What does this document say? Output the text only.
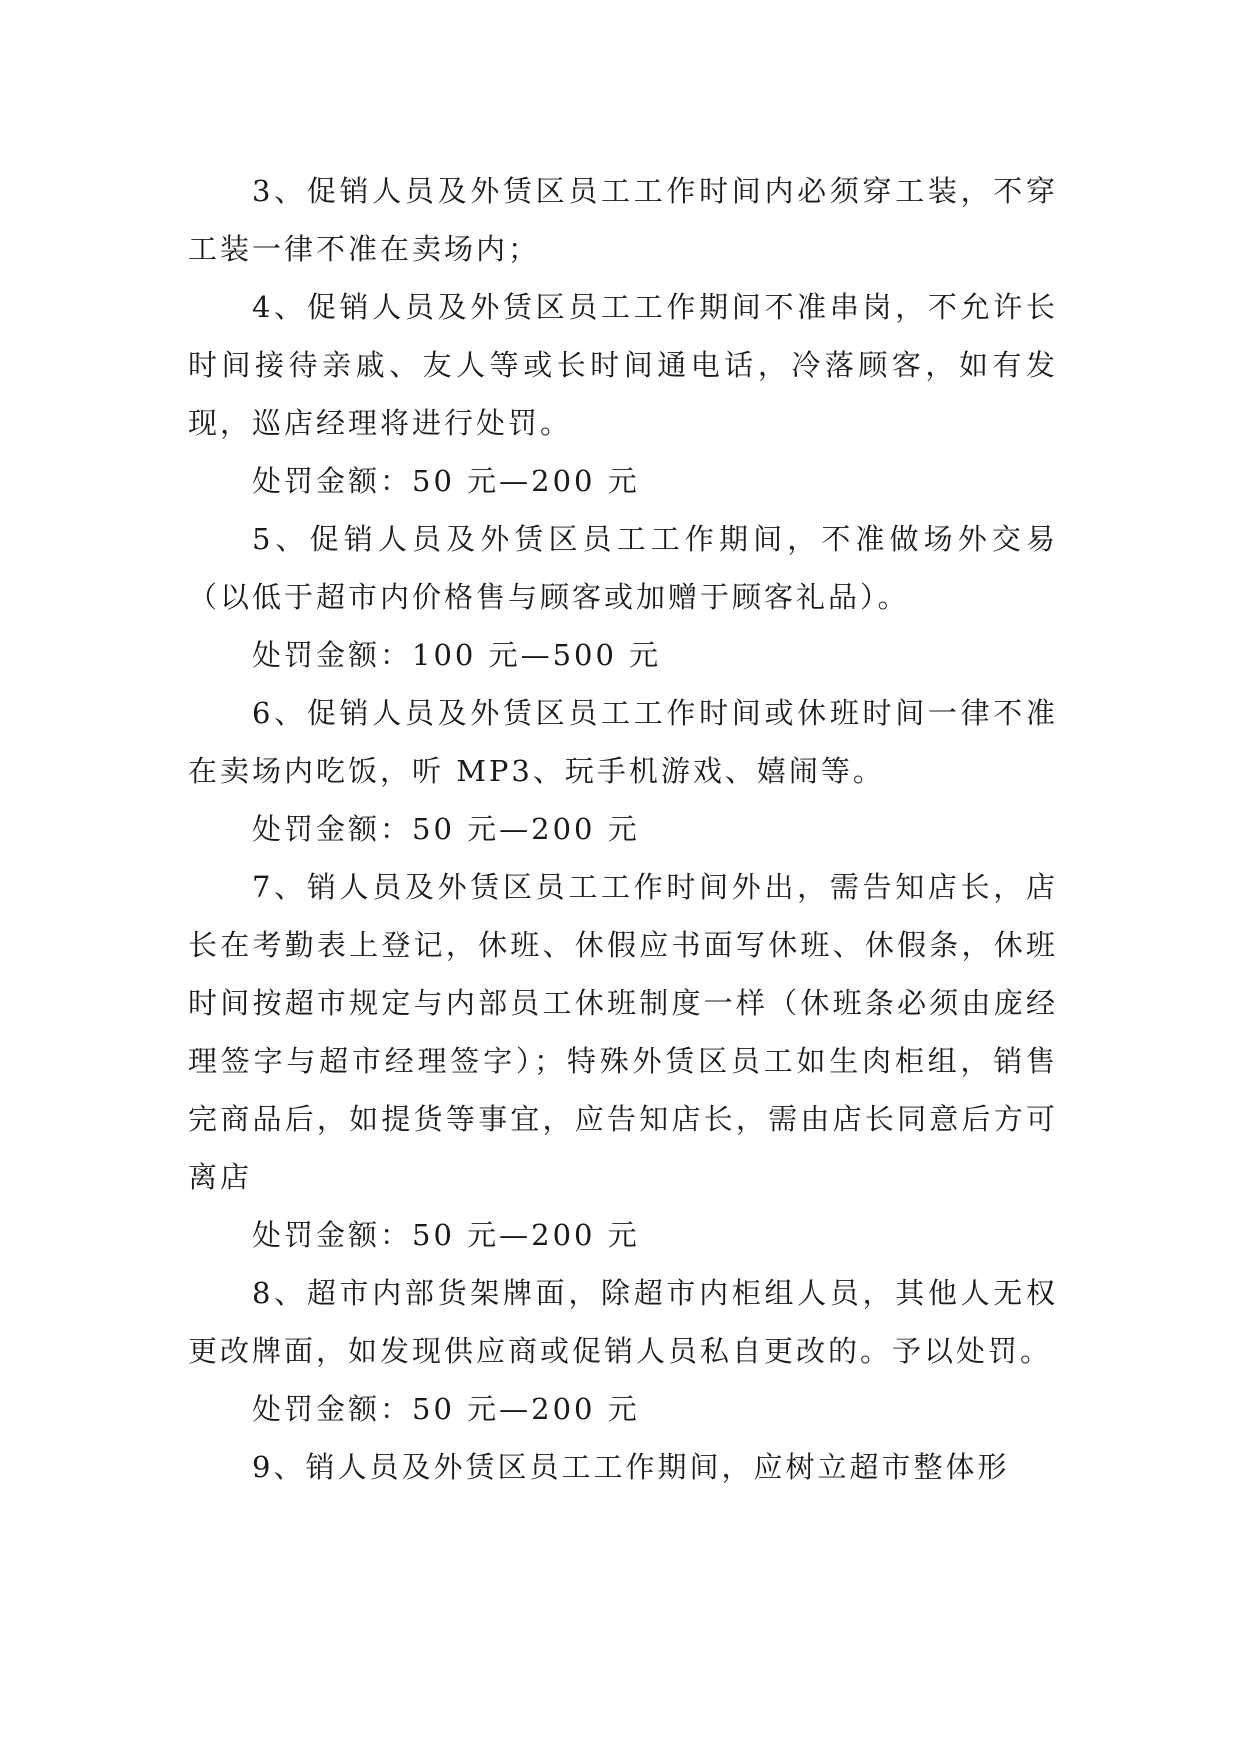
3、促销人员及外赁区员工工作时间内必须穿工装，不穿工装一律不准在卖场内；

4、促销人员及外赁区员工工作期间不准串岗，不允许长时间接待亲戚、友人等或长时间通电话，冷落顾客，如有发现，巡店经理将进行处罚。

处罚金额：50 元—200 元

5、促销人员及外赁区员工工作期间，不准做场外交易（以低于超市内价格售与顾客或加赠于顾客礼品）。

处罚金额：100 元—500 元

6、促销人员及外赁区员工工作时间或休班时间一律不准在卖场内吃饭，听 MP3、玩手机游戏、嬉闹等。

处罚金额：50 元—200 元

7、销人员及外赁区员工工作时间外出，需告知店长，店长在考勤表上登记，休班、休假应书面写休班、休假条，休班时间按超市规定与内部员工休班制度一样（休班条必须由庞经理签字与超市经理签字）；特殊外赁区员工如生肉柜组，销售完商品后，如提货等事宜，应告知店长，需由店长同意后方可离店

处罚金额：50 元—200 元

8、超市内部货架牌面，除超市内柜组人员，其他人无权更改牌面，如发现供应商或促销人员私自更改的。予以处罚。

处罚金额：50 元—200 元

9、销人员及外赁区员工工作期间，应树立超市整体形
